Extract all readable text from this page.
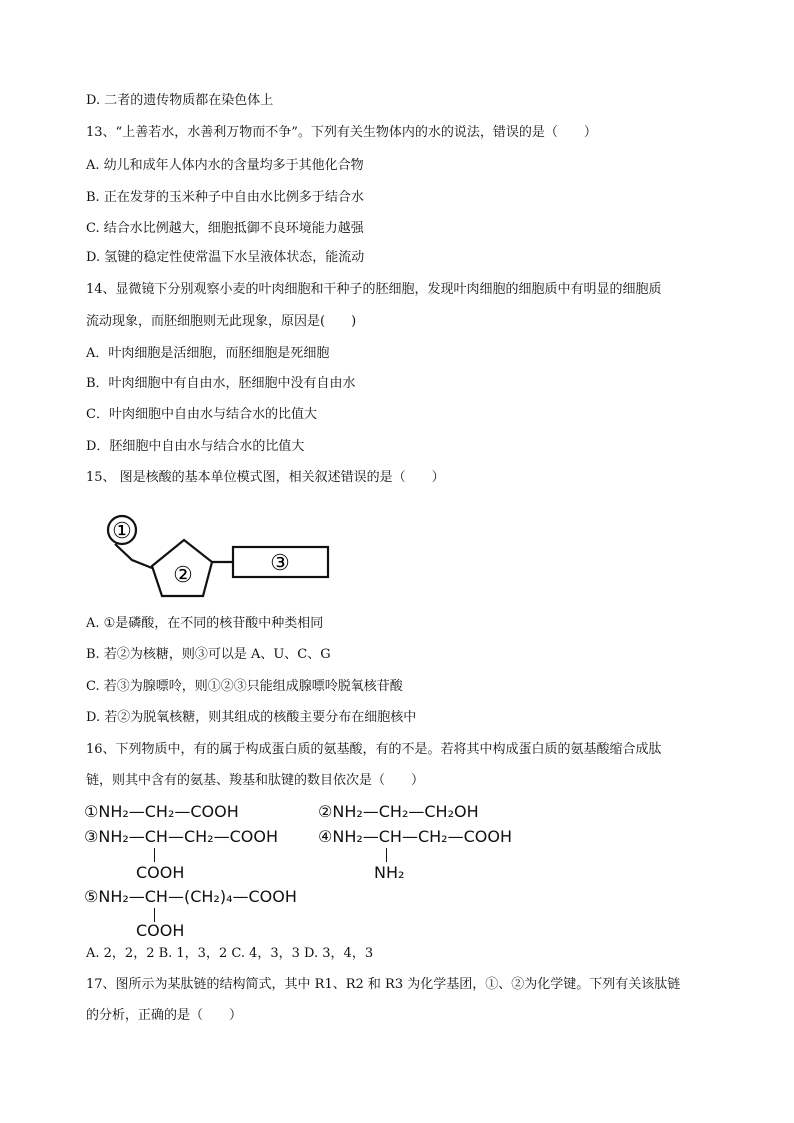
D. 二者的遗传物质都在染色体上
13、“上善若水，水善利万物而不争”。下列有关生物体内的水的说法，错误的是（　　）
A. 幼儿和成年人体内水的含量均多于其他化合物
B. 正在发芽的玉米种子中自由水比例多于结合水
C. 结合水比例越大，细胞抵御不良环境能力越强
D. 氢键的稳定性使常温下水呈液体状态，能流动
14、显微镜下分别观察小麦的叶肉细胞和干种子的胚细胞，发现叶肉细胞的细胞质中有明显的细胞质
流动现象，而胚细胞则无此现象，原因是(　　)
A．叶肉细胞是活细胞，而胚细胞是死细胞
B．叶肉细胞中有自由水，胚细胞中没有自由水
C．叶肉细胞中自由水与结合水的比值大
D．胚细胞中自由水与结合水的比值大
15、 图是核酸的基本单位模式图，相关叙述错误的是（　　）
①
②	③
A. ①是磷酸，在不同的核苷酸中种类相同
B. 若②为核糖，则③可以是 A、U、C、G
C. 若③为腺嘌呤，则①②③只能组成腺嘌呤脱氧核苷酸
D. 若②为脱氧核糖，则其组成的核酸主要分布在细胞核中
16、下列物质中，有的属于构成蛋白质的氨基酸，有的不是。若将其中构成蛋白质的氨基酸缩合成肽
链，则其中含有的氨基、羧基和肽键的数目依次是（　　）
①NH₂—CH₂—COOH	②NH₂—CH₂—CH₂OH
③NH₂—CH—CH₂—COOH	④NH₂—CH—CH₂—COOH
COOH	NH₂
⑤NH₂—CH—(CH₂)₄—COOH
COOH
A. 2，2，2 B. 1，3，2 C. 4，3，3 D. 3，4，3
17、图所示为某肽链的结构简式，其中 R1、R2 和 R3 为化学基团，①、②为化学键。下列有关该肽链
的分析，正确的是（　　）
